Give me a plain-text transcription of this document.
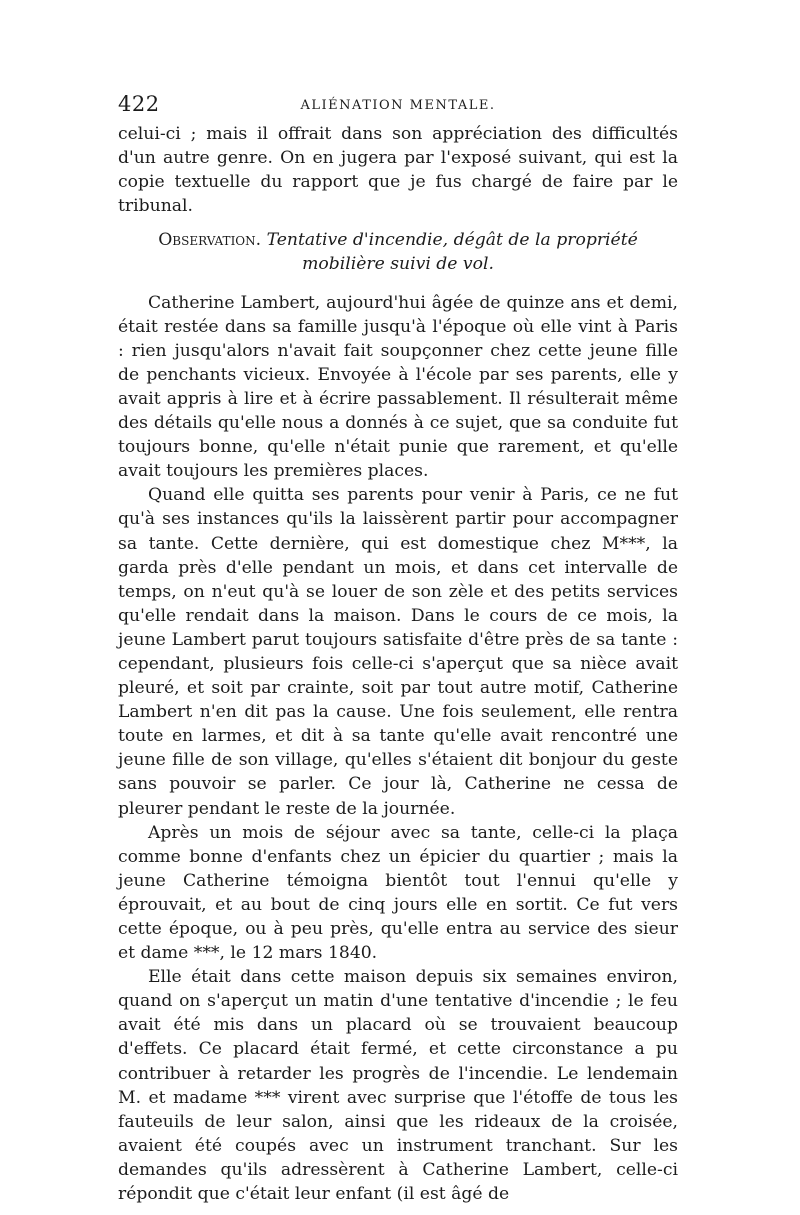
422	ALIÉNATION MENTALE.

celui-ci ; mais il offrait dans son appréciation des difficultés d'un autre genre. On en jugera par l'exposé suivant, qui est la copie textuelle du rapport que je fus chargé de faire par le tribunal.

Observation. Tentative d'incendie, dégât de la propriété mobilière suivi de vol.

Catherine Lambert, aujourd'hui âgée de quinze ans et demi, était restée dans sa famille jusqu'à l'époque où elle vint à Paris : rien jusqu'alors n'avait fait soupçonner chez cette jeune fille de penchants vicieux. Envoyée à l'école par ses parents, elle y avait appris à lire et à écrire passablement. Il résulterait même des détails qu'elle nous a donnés à ce sujet, que sa conduite fut toujours bonne, qu'elle n'était punie que rarement, et qu'elle avait toujours les premières places.

Quand elle quitta ses parents pour venir à Paris, ce ne fut qu'à ses instances qu'ils la laissèrent partir pour accompagner sa tante. Cette dernière, qui est domestique chez M***, la garda près d'elle pendant un mois, et dans cet intervalle de temps, on n'eut qu'à se louer de son zèle et des petits services qu'elle rendait dans la maison. Dans le cours de ce mois, la jeune Lambert parut toujours satisfaite d'être près de sa tante : cependant, plusieurs fois celle-ci s'aperçut que sa nièce avait pleuré, et soit par crainte, soit par tout autre motif, Catherine Lambert n'en dit pas la cause. Une fois seulement, elle rentra toute en larmes, et dit à sa tante qu'elle avait rencontré une jeune fille de son village, qu'elles s'étaient dit bonjour du geste sans pouvoir se parler. Ce jour là, Catherine ne cessa de pleurer pendant le reste de la journée.

Après un mois de séjour avec sa tante, celle-ci la plaça comme bonne d'enfants chez un épicier du quartier ; mais la jeune Catherine témoigna bientôt tout l'ennui qu'elle y éprouvait, et au bout de cinq jours elle en sortit. Ce fut vers cette époque, ou à peu près, qu'elle entra au service des sieur et dame ***, le 12 mars 1840.

Elle était dans cette maison depuis six semaines environ, quand on s'aperçut un matin d'une tentative d'incendie ; le feu avait été mis dans un placard où se trouvaient beaucoup d'effets. Ce placard était fermé, et cette circonstance a pu contribuer à retarder les progrès de l'incendie. Le lendemain M. et madame *** virent avec surprise que l'étoffe de tous les fauteuils de leur salon, ainsi que les rideaux de la croisée, avaient été coupés avec un instrument tranchant. Sur les demandes qu'ils adressèrent à Catherine Lambert, celle-ci répondit que c'était leur enfant (il est âgé de
